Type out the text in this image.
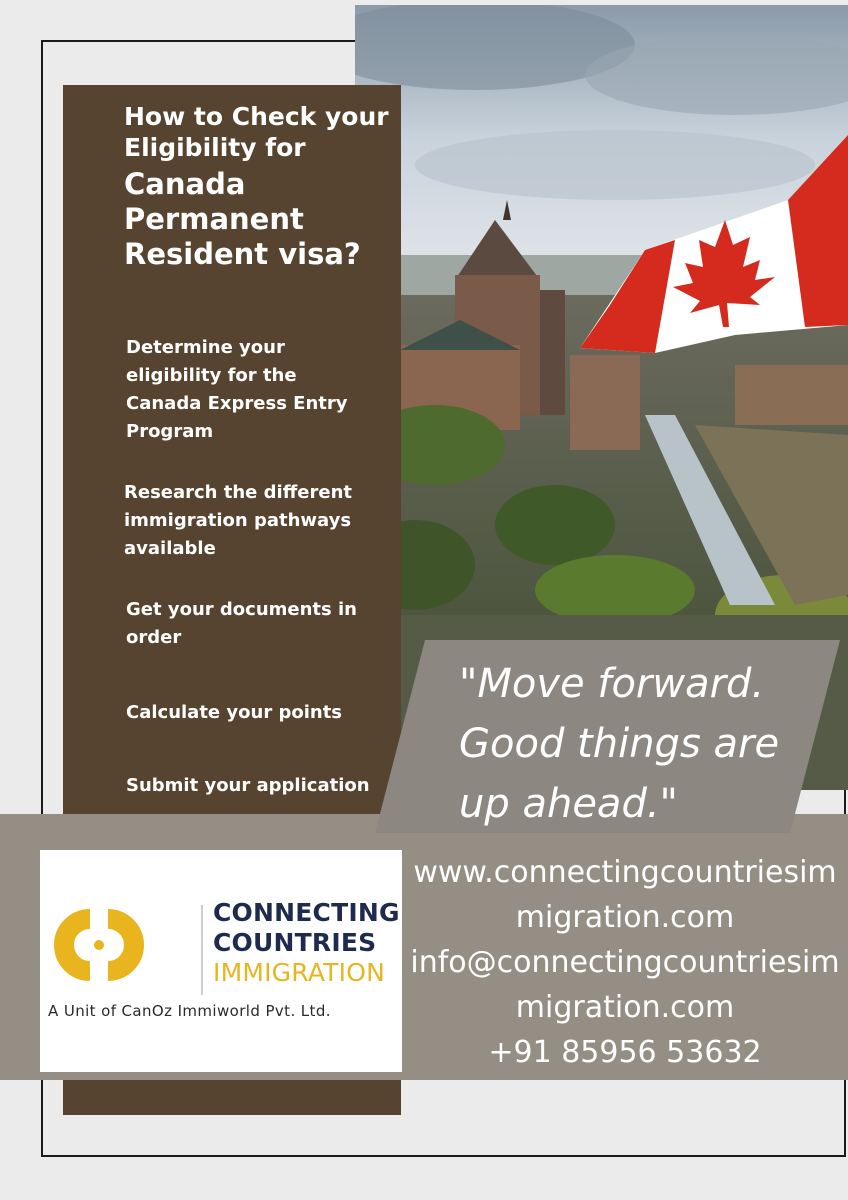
How to Check your Eligibility for
Canada Permanent Resident visa?
Determine your eligibility for the Canada Express Entry Program
Research the different immigration pathways available
Get your documents in order
Calculate your points
Submit your application
"Move forward. Good things are up ahead."
CONNECTING
COUNTRIES
IMMIGRATION
A Unit of CanOz Immiworld Pvt. Ltd.
www.connectingcountriesimmigration.com
info@connectingcountriesimmigration.com
+91 85956 53632
